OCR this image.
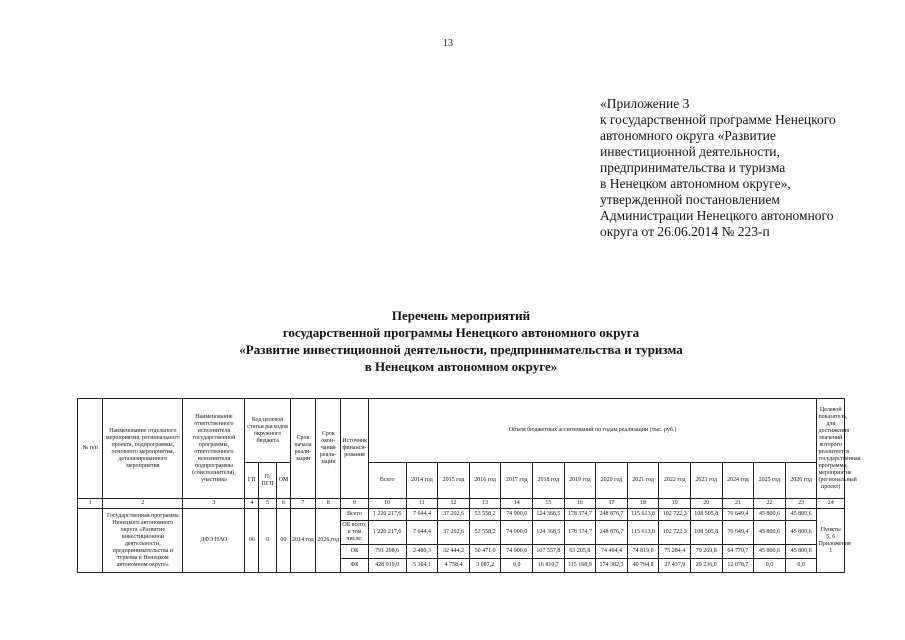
13
«Приложение 3
к государственной программе Ненецкого
автономного округа «Развитие
инвестиционной деятельности,
предпринимательства и туризма
в Ненецком автономном округе»,
утвержденной постановлением
Администрации Ненецкого автономного
округа от 26.06.2014 № 223-п
Перечень мероприятий
государственной программы Ненецкого автономного округа
«Развитие инвестиционной деятельности, предпринимательства и туризма
в Ненецком автономном округе»
№ п/п	Наименование отдельного мероприятия, регионального проекта, подпрограммы, основного мероприятия, детализированного мероприятия	Наименование ответственного исполнителя государственной программы, ответственного исполнителя подпрограммы (соисполнителя), участника	Код целевой статьи расходов окружного бюджета			Срок начала реали-зации	Срок окон-чания реали-зации	Источник финанси-рования	Объем бюджетных ассигнований по годам реализации (тыс. руб.)														Целевой показатель, для достижения значений которого реализуется государственная программа, мероприятие (региональный проект)
			ГП	П/ПГП	ОМ				Всего	2014 год	2015 год	2016 год	2017 год	2018 год	2019 год	2020 год	2021 год	2022 год	2023 год	2024 год	2025 год	2026 год	
1	2	3	4	5	6	7	8	9	10	11	12	13	14	15	16	17	18	19	20	21	22	23	24
	Государственная программа Ненецкого автономного округа «Развитие инвестиционной деятельности, предпринимательства и туризма в Ненецком автономном округе»	ДФЭ НАО	06	0	00	2014 год	2026 год	Всего	1 220 217,6	7 644,4	37 202,6	53 558,2	74 900,0	124 368,5	178 374,7	248 876,7	115 613,8	102 722,3	108 505,8	76 649,4	45 800,6	45 800,6	Пункты 5, 6 Приложения 1
								ОБ всего, в том числе:	1 220 217,6	7 644,4	37 202,6	53 558,2	74 900,0	124 368,5	178 374,7	248 876,7	115 613,8	102 722,3	108 505,8	76 649,4	45 800,6	45 800,6	
								ОБ	791 298,6	2 480,3	32 444,2	50 471,0	74 900,0	107 557,8	63 205,8	74 494,4	74 819,0	75 284,4	79 269,8	64 770,7	45 800,6	45 800,6	
								ФБ	428 919,0	5 164,1	4 758,4	3 087,2	0,0	16 810,7	115 168,9	174 382,3	40 794,8	27 437,9	29 236,0	12 078,7	0,0	0,0	
